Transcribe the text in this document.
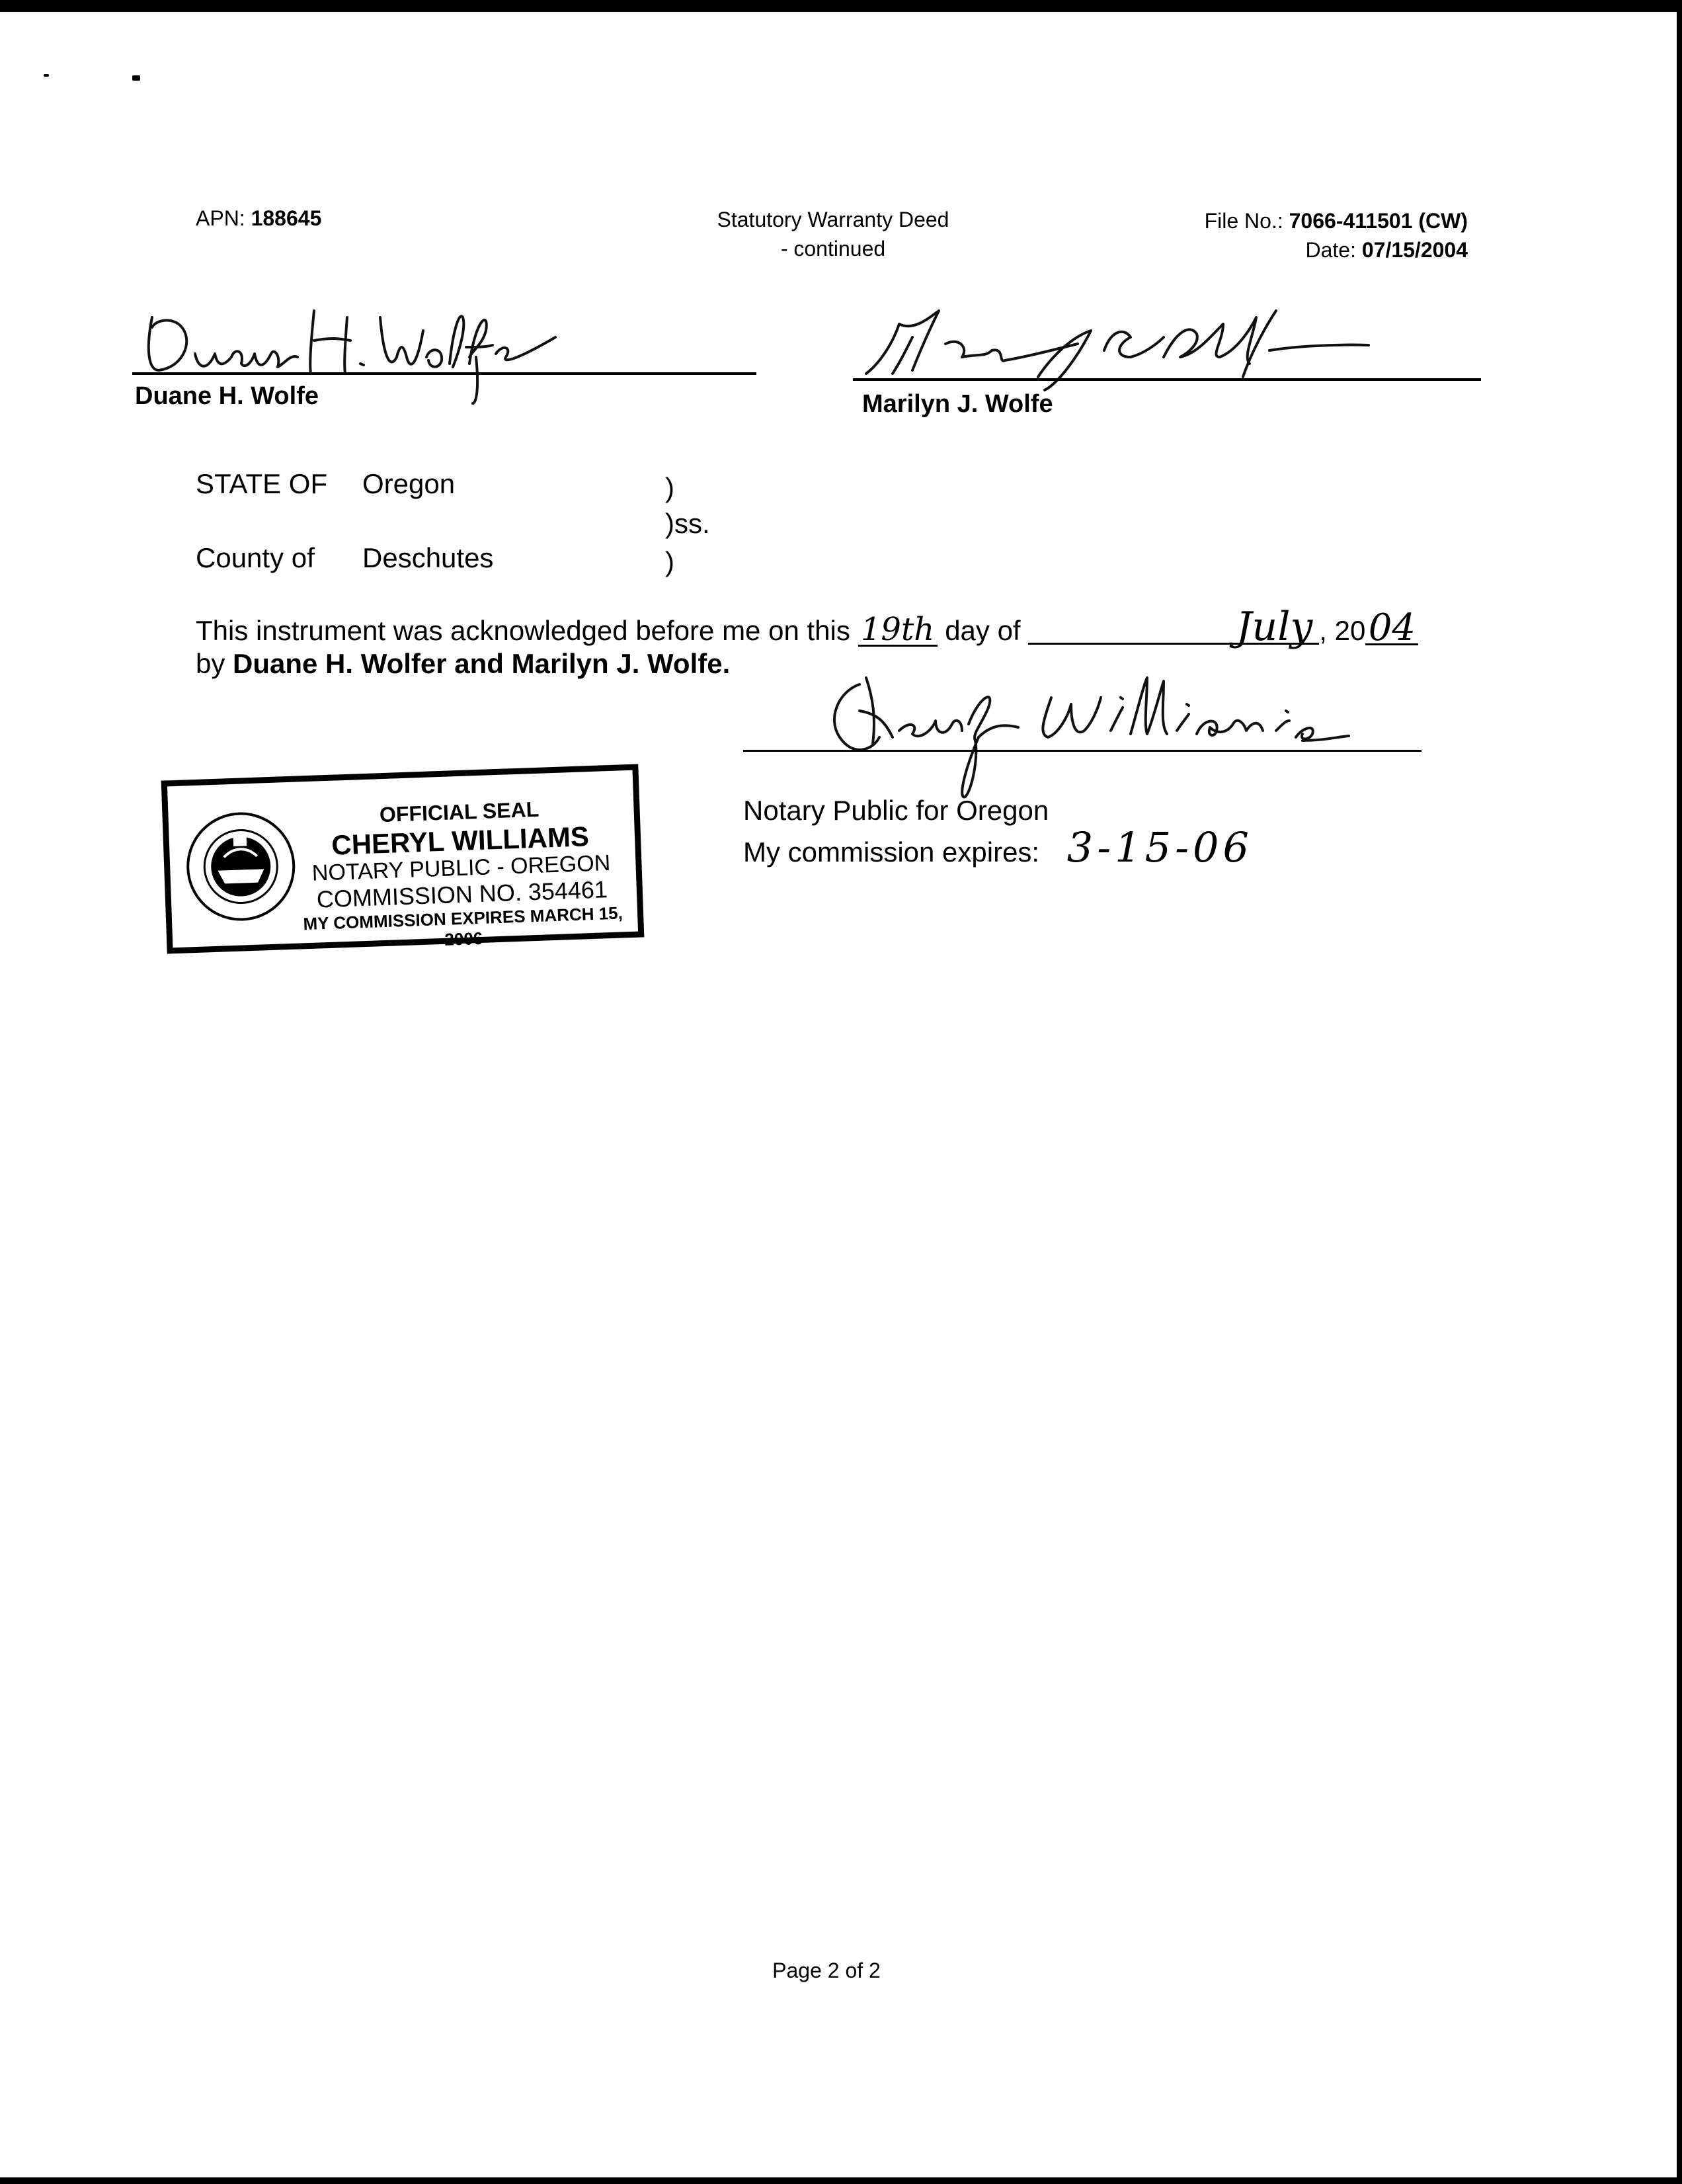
APN: 188645	Statutory Warranty Deed
- continued
File No.: 7066-411501 (CW)
Date: 07/15/2004
Duane H. Wolfe	Marilyn J. Wolfe
STATE OF Oregon	)
)ss.
County of Deschutes	)
This instrument was acknowledged before me on this 19th day of	July , 2004
by Duane H. Wolfer and Marilyn J. Wolfe.
Notary Public for Oregon
My commission expires: 3-15-06
OFFICIAL SEAL
CHERYL WILLIAMS
NOTARY PUBLIC - OREGON
COMMISSION NO. 354461
MY COMMISSION EXPIRES MARCH 15, 2006
Page 2 of 2
